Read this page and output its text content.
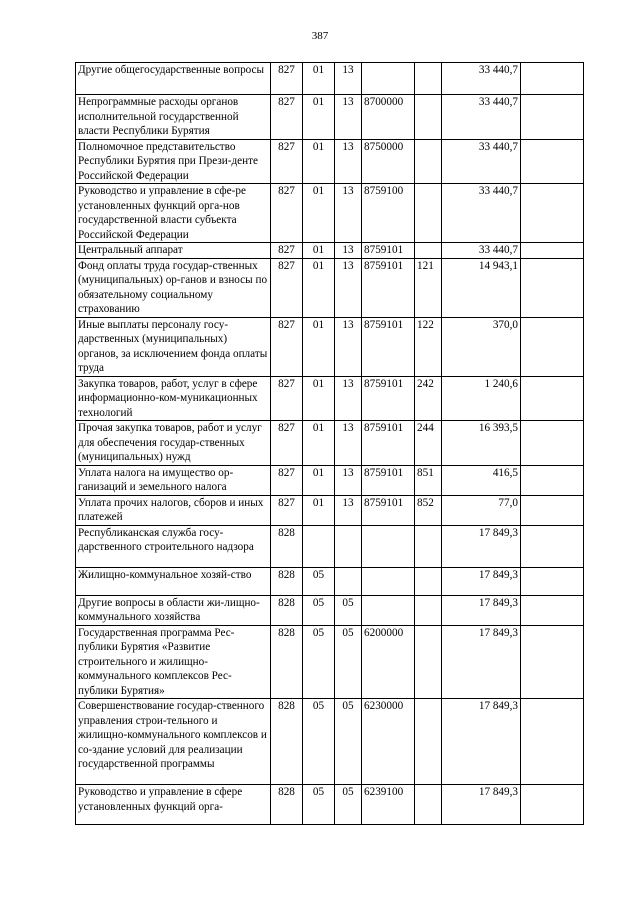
387
Другие общегосударственные вопросы	827	01	13			33 440,7	
Непрограммные расходы органов исполнительной государственной власти Республики Бурятия	827	01	13	8700000		33 440,7	
Полномочное представительство Республики Бурятия при Прези-денте Российской Федерации	827	01	13	8750000		33 440,7	
Руководство и управление в сфе-ре установленных функций орга-нов государственной власти субъекта Российской Федерации	827	01	13	8759100		33 440,7	
Центральный аппарат	827	01	13	8759101		33 440,7	
Фонд оплаты труда государ-ственных (муниципальных) ор-ганов и взносы по обязательному социальному страхованию	827	01	13	8759101	121	14 943,1	
Иные выплаты персоналу госу-дарственных (муниципальных) органов, за исключением фонда оплаты труда	827	01	13	8759101	122	370,0	
Закупка товаров, работ, услуг в сфере информационно-ком-муникационных технологий	827	01	13	8759101	242	1 240,6	
Прочая закупка товаров, работ и услуг для обеспечения государ-ственных (муниципальных) нужд	827	01	13	8759101	244	16 393,5	
Уплата налога на имущество ор-ганизаций и земельного налога	827	01	13	8759101	851	416,5	
Уплата прочих налогов, сборов и иных платежей	827	01	13	8759101	852	77,0	
Республиканская служба госу-дарственного строительного надзора	828					17 849,3	
Жилищно-коммунальное хозяй-ство	828	05				17 849,3	
Другие вопросы в области жи-лищно-коммунального хозяйства	828	05	05			17 849,3	
Государственная программа Рес-публики Бурятия «Развитие строительного и жилищно-коммунального комплексов Рес-публики Бурятия»	828	05	05	6200000		17 849,3	
Совершенствование государ-ственного управления строи-тельного и жилищно-коммунального комплексов и со-здание условий для реализации государственной программы	828	05	05	6230000		17 849,3	
Руководство и управление в сфере установленных функций орга-	828	05	05	6239100		17 849,3	
